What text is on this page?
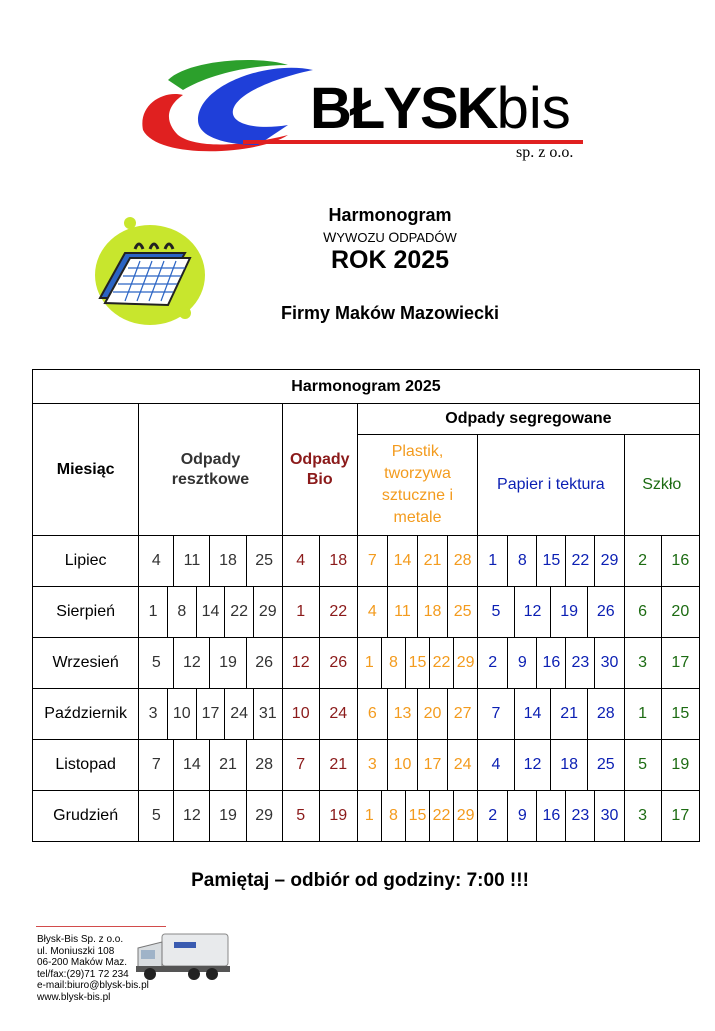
BŁYSKbis
sp. z o.o.
Harmonogram
WYWOZU ODPADÓW
ROK 2025
Firmy Maków Mazowiecki
Harmonogram 2025																	
Miesiąc	Odpady resztkowe				Odpady Bio		Odpady segregowane										
							Plastik, tworzywa sztuczne i metale				Papier i tektura					Szkło	
Lipiec	4	11	18	25	4	18	7	14	21	28	1	8	15	22	29	2	16
Sierpień	1 8 14 22 29				1	22	4	11	18	25	5 12 19 26					6	20
Wrzesień	5	12	19	26	12	26	1 8 15 22 29				2	9	16	23	30	3	17
Październik	3 10 17 24 31				10	24	6	13	20	27	7 14 21 28					1	15
Listopad	7	14	21	28	7	21	3	10	17	24	4 12 18 25					5	19
Grudzień	5	12	19	29	5	19	1 8 15 22 29				2	9	16	23	30	3	17
Pamiętaj – odbiór od godziny: 7:00 !!!
Błysk-Bis Sp. z o.o.
ul. Moniuszki 108
06-200 Maków Maz.
tel/fax:(29)71 72 234
e-mail:biuro@blysk-bis.pl
www.blysk-bis.pl
